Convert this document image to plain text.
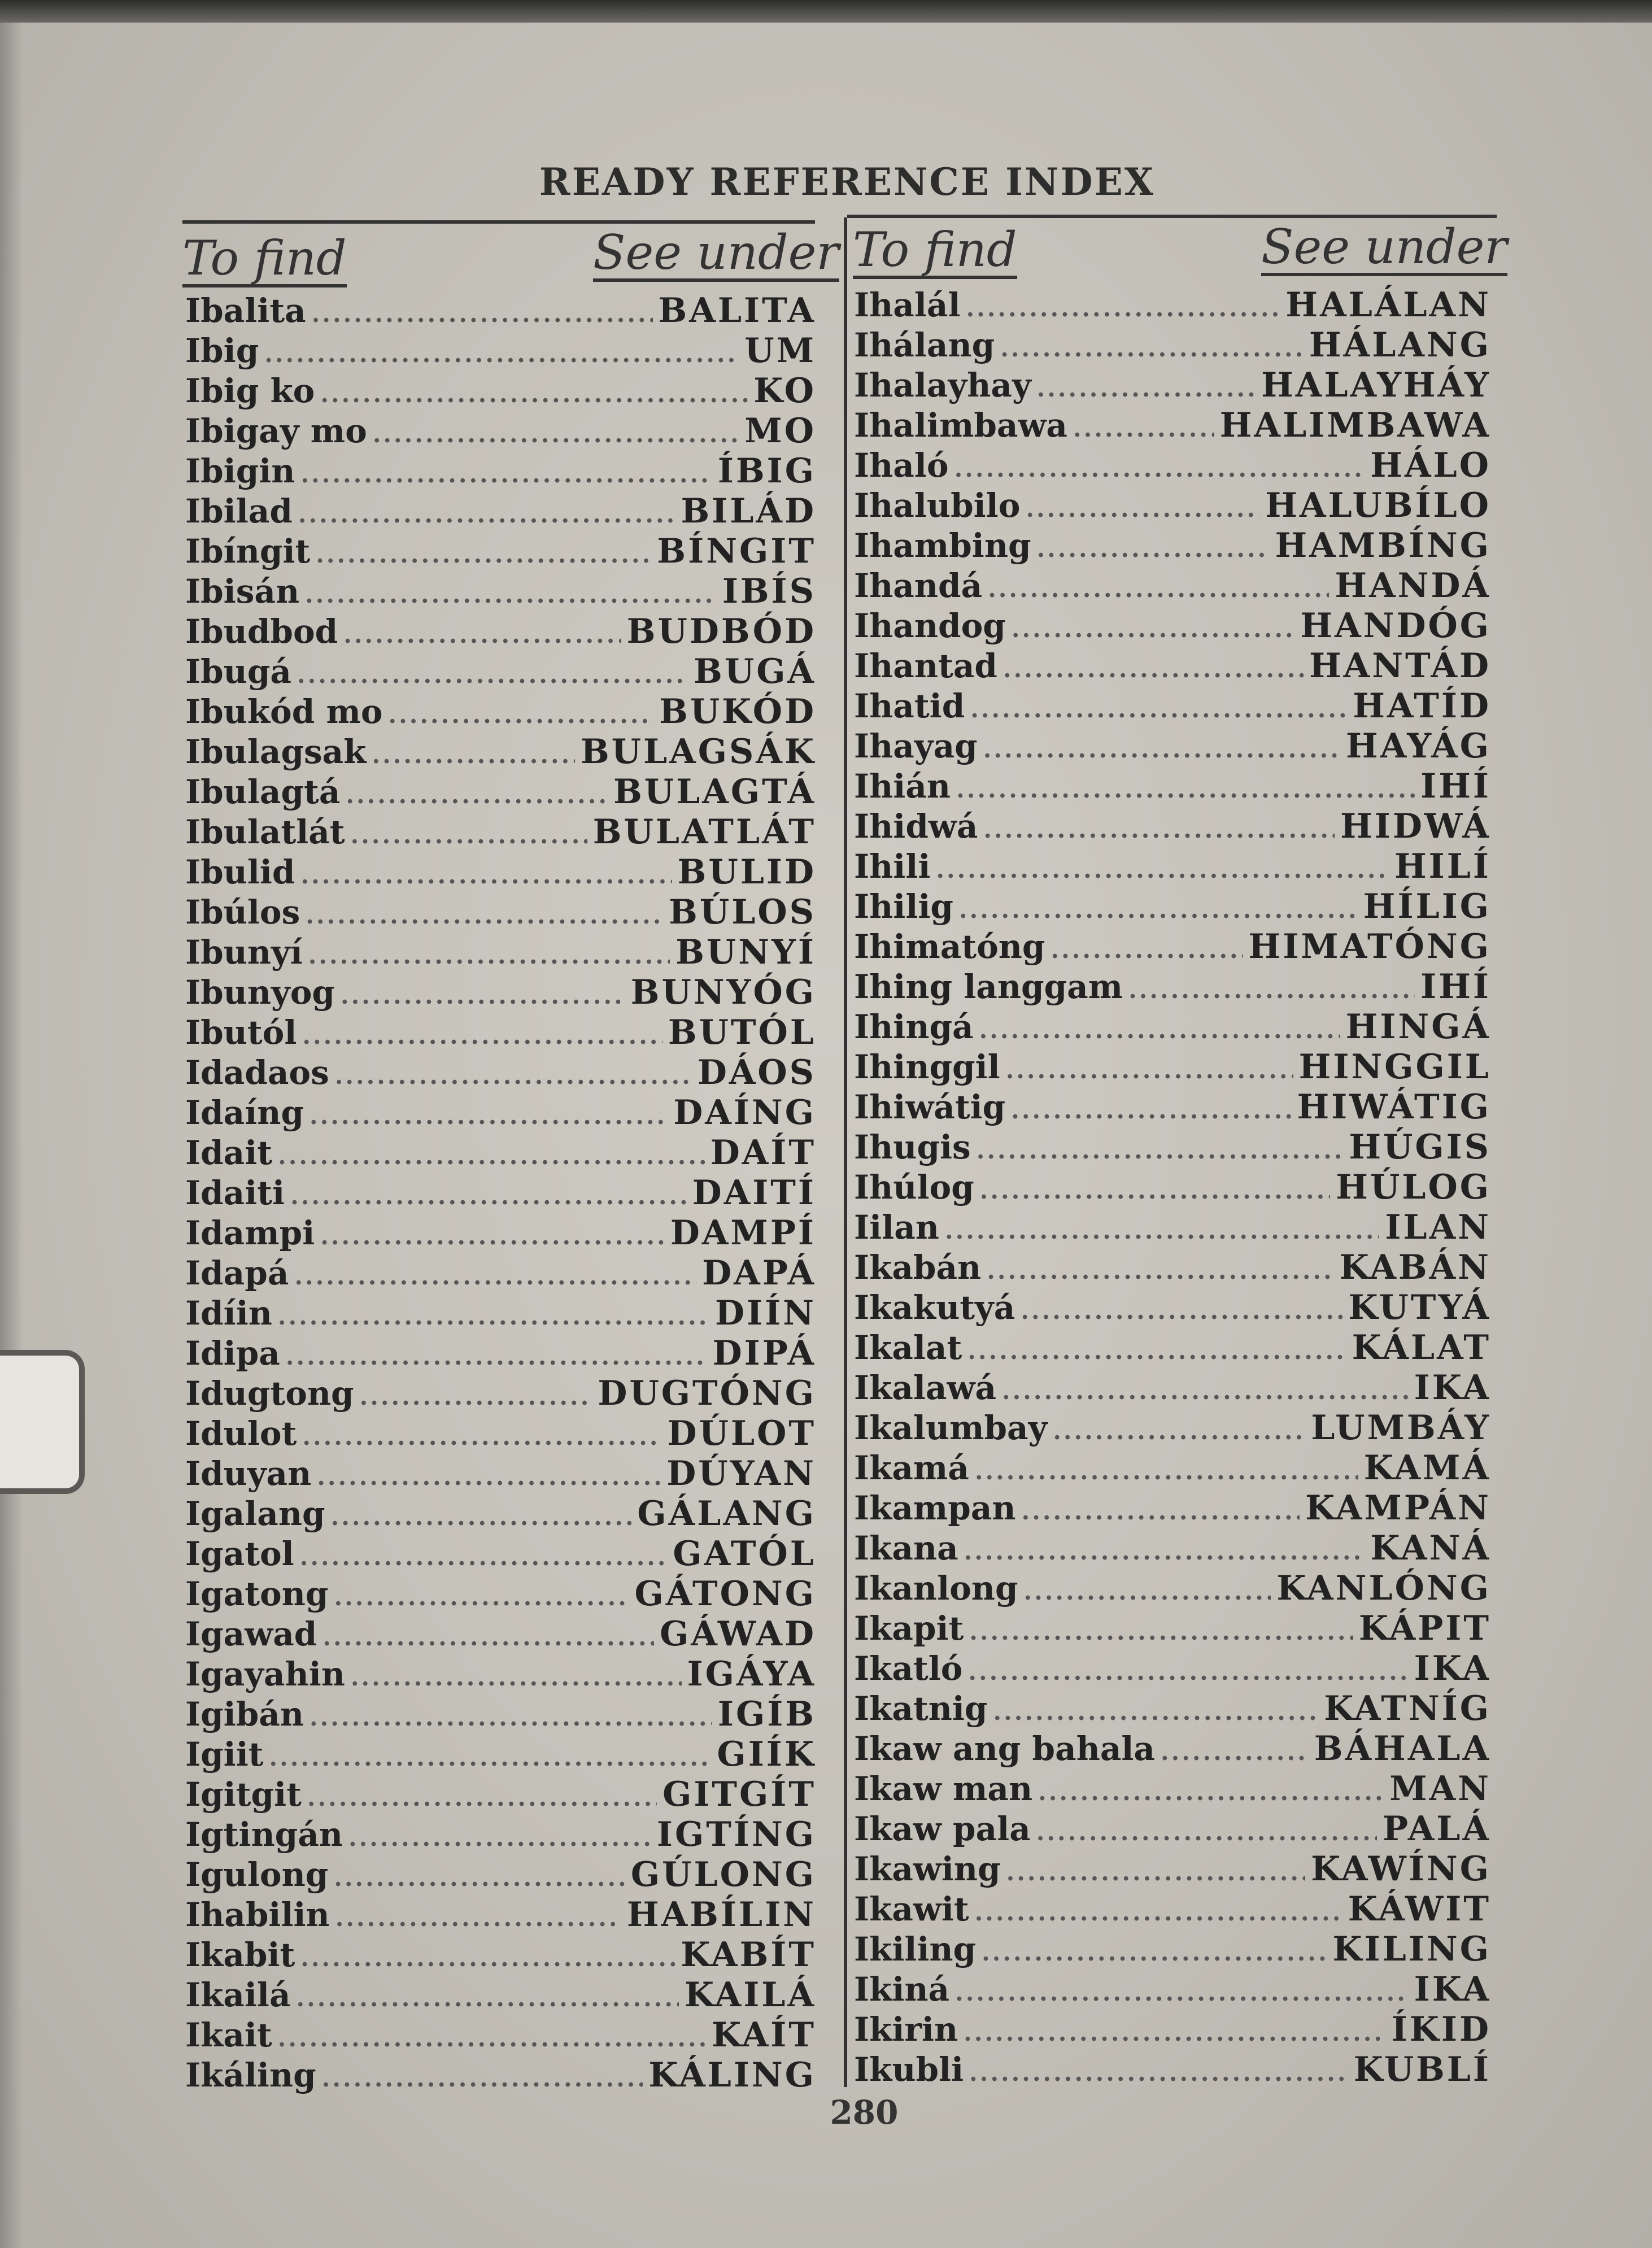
READY REFERENCE INDEX
To find	See under To find	See under
Ibalita .....	BALITA
Ibig .....	UM
Ibig ko .....	KO
Ibigay mo .....	MO
Ibigin .....	ÍBIG
Ibilad .....	BILÁD
Ibíngit .....	BÍNGIT
Ibisán .....	IBÍS
Ibudbod .....	BUDBÓD
Ibugá .....	BUGÁ
Ibukód mo .....	BUKÓD
Ibulagsak .....	BULAGSÁK
Ibulagtá .....	BULAGTÁ
Ibulatlát .....	BULATLÁT
Ibulid .....	BULID
Ibúlos .....	BÚLOS
Ibunyí .....	BUNYÍ
Ibunyog .....	BUNYÓG
Ibutól .....	BUTÓL
Idadaos .....	DÁOS
Idaíng .....	DAÍNG
Idait .....	DAÍT
Idaiti .....	DAITÍ
Idampi .....	DAMPÍ
Idapá .....	DAPÁ
Idíin .....	DIÍN
Idipa .....	DIPÁ
Idugtong .....	DUGTÓNG
Idulot .....	DÚLOT
Iduyan .....	DÚYAN
Igalang .....	GÁLANG
Igatol .....	GATÓL
Igatong .....	GÁTONG
Igawad .....	GÁWAD
Igayahin .....	IGÁYA
Igibán .....	IGÍB
Igiit .....	GIÍK
Igitgit .....	GITGÍT
Igtingán .....	IGTÍNG
Igulong .....	GÚLONG
Ihabilin .....	HABÍLIN
Ikabit .....	KABÍT
Ikailá .....	KAILÁ
Ikait .....	KAÍT
Ikáling .....	KÁLING
Ihalál .....	HALÁLAN
Ihálang .....	HÁLANG
Ihalayhay .....	HALAYHÁY
Ihalimbawa .....	HALIMBAWA
Ihaló .....	HÁLO
Ihalubilo .....	HALUBÍLO
Ihambing .....	HAMBÍNG
Ihandá .....	HANDÁ
Ihandog .....	HANDÓG
Ihantad .....	HANTÁD
Ihatid .....	HATÍD
Ihayag .....	HAYÁG
Ihián .....	IHÍ
Ihidwá .....	HIDWÁ
Ihili .....	HILÍ
Ihilig .....	HÍLIG
Ihimatóng .....	HIMATÓNG
Ihing langgam .....	IHÍ
Ihingá .....	HINGÁ
Ihinggil .....	HINGGIL
Ihiwátig .....	HIWÁTIG
Ihugis .....	HÚGIS
Ihúlog .....	HÚLOG
Iilan .....	ILAN
Ikabán .....	KABÁN
Ikakutyá .....	KUTYÁ
Ikalat .....	KÁLAT
Ikalawá .....	IKA
Ikalumbay .....	LUMBÁY
Ikamá .....	KAMÁ
Ikampan .....	KAMPÁN
Ikana .....	KANÁ
Ikanlong .....	KANLÓNG
Ikapit .....	KÁPIT
Ikatló .....	IKA
Ikatnig .....	KATNÍG
Ikaw ang bahala .....	BÁHALA
Ikaw man .....	MAN
Ikaw pala .....	PALÁ
Ikawing .....	KAWÍNG
Ikawit .....	KÁWIT
Ikiling .....	KILING
Ikiná .....	IKA
Ikirin .....	ÍKID
Ikubli .....	KUBLÍ
280
